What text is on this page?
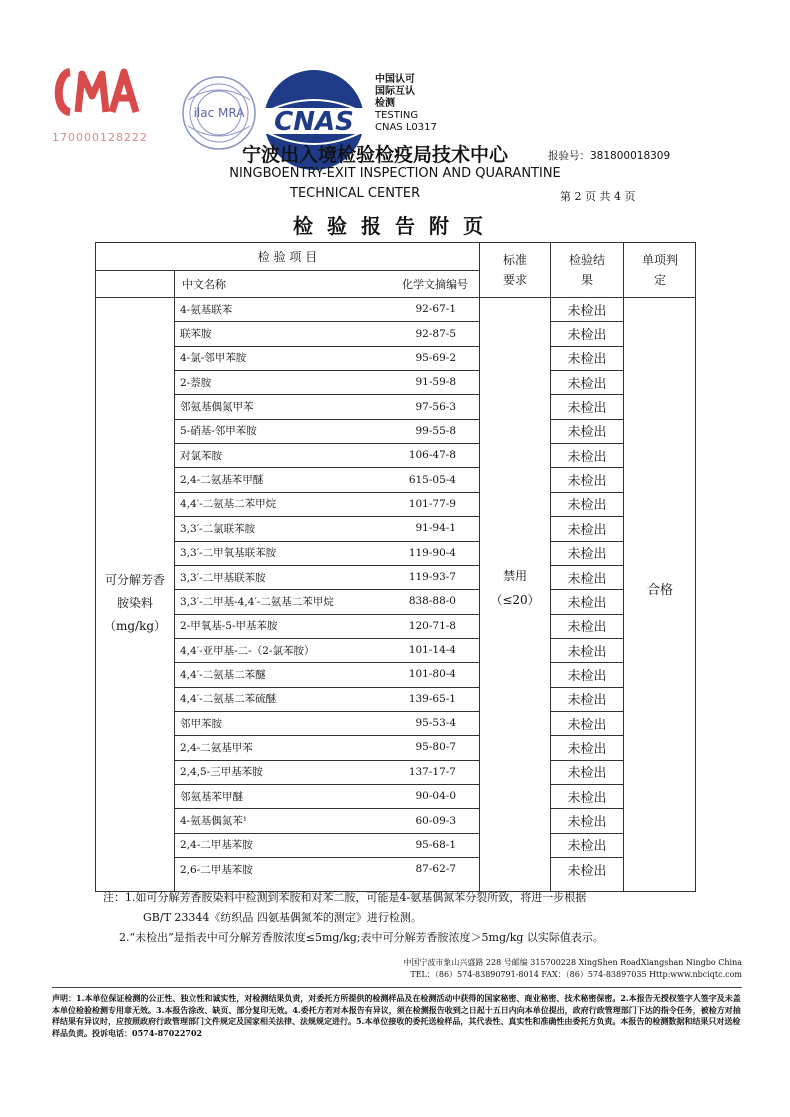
170000128222
ilac MRA CNAS
中国认可
国际互认
检测
TESTING
CNAS L0317
宁波出入境检验检疫局技术中心	报验号：381800018309
NINGBOENTRY-EXIT INSPECTION AND QUARANTINE
TECHNICAL CENTER	第 2 页 共 4 页
检验报告附页
检 验 项 目	标准要求
检验结果
单项判定
中文名称	化学文摘编号
可分解芳香胺染料（mg/kg）
禁用（≤20）
合格
4-氨基联苯	92-67-1	未检出
联苯胺	92-87-5	未检出
4-氯-邻甲苯胺	95-69-2	未检出
2-萘胺	91-59-8	未检出
邻氨基偶氮甲苯	97-56-3	未检出
5-硝基-邻甲苯胺	99-55-8	未检出
对氯苯胺	106-47-8	未检出
2,4-二氨基苯甲醚	615-05-4	未检出
4,4′-二氨基二苯甲烷	101-77-9	未检出
3,3′-二氯联苯胺	91-94-1	未检出
3,3′-二甲氧基联苯胺	119-90-4	未检出
3,3′-二甲基联苯胺	119-93-7	未检出
3,3′-二甲基-4,4′-二氨基二苯甲烷	838-88-0	未检出
2-甲氧基-5-甲基苯胺	120-71-8	未检出
4,4′-亚甲基-二-（2-氯苯胺）	101-14-4	未检出
4,4′-二氨基二苯醚	101-80-4	未检出
4,4′-二氨基二苯硫醚	139-65-1	未检出
邻甲苯胺	95-53-4	未检出
2,4-二氨基甲苯	95-80-7	未检出
2,4,5-三甲基苯胺	137-17-7	未检出
邻氨基苯甲醚	90-04-0	未检出
4-氨基偶氮苯¹	60-09-3	未检出
2,4-二甲基苯胺	95-68-1	未检出
2,6-二甲基苯胺	87-62-7	未检出
注：1.如可分解芳香胺染料中检测到苯胺和对苯二胺，可能是4-氨基偶氮苯分裂所致，将进一步根据
GB/T 23344《纺织品 四氨基偶氮苯的测定》进行检测。
2.“未检出”是指表中可分解芳香胺浓度≤5mg/kg;表中可分解芳香胺浓度＞5mg/kg 以实际值表示。
中国宁波市象山兴盛路 228 号邮编 315700228 XingShen RoadXiangshan Ningbo China
TEL：（86）574-83890791-8014 FAX：（86）574-83897035 Http:www.nbciqtc.com
声明：1.本单位保证检测的公正性、独立性和诚实性，对检测结果负责，对委托方所提供的检测样品及在检测活动中获得的国家秘密、商业秘密、技术秘密保密。2.本报告无授权签字人签字及未盖本单位检验检测专用章无效。3.本报告涂改、缺页、部分复印无效。4.委托方若对本报告有异议，须在检测报告收到之日起十五日内向本单位提出，政府行政管理部门下达的指令任务，被检方对抽样结果有异议时，应按照政府行政管理部门文件规定及国家相关法律、法规规定进行。5.本单位接收的委托送检样品，其代表性、真实性和准确性由委托方负责。本报告的检测数据和结果只对送检样品负责。投诉电话：0574-87022702
